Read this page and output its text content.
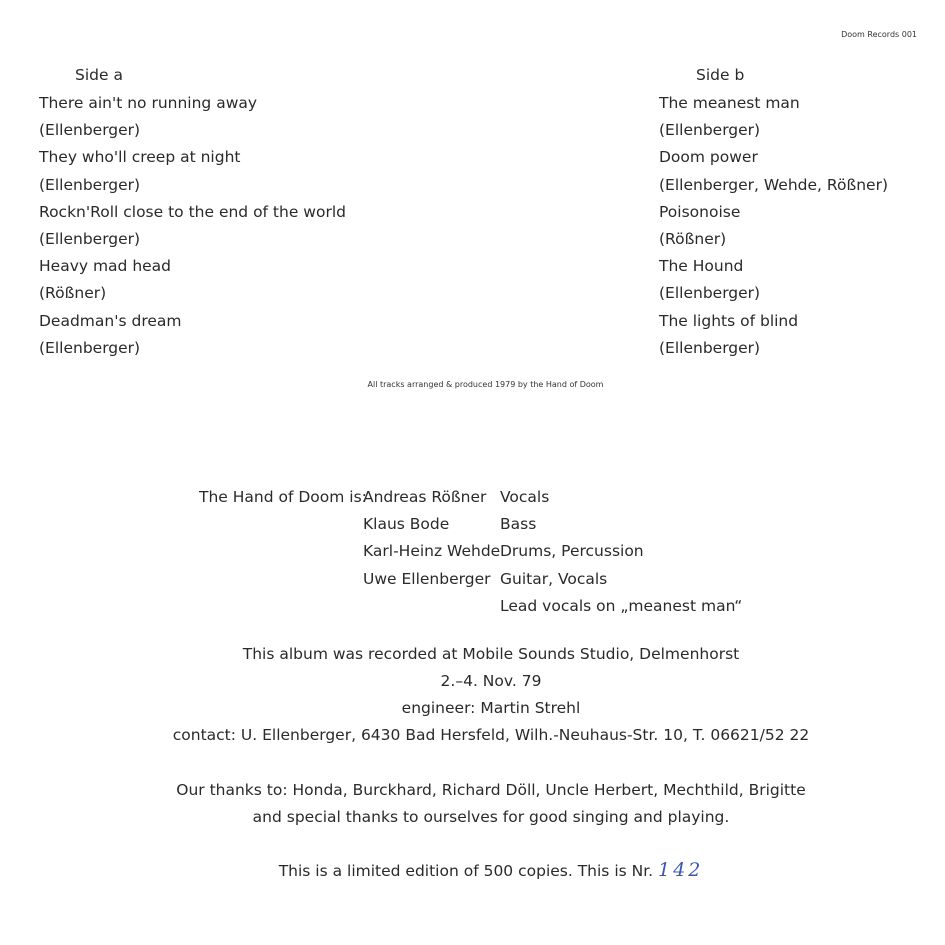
Doom Records 001
Side a
There ain't no running away
(Ellenberger)
They who'll creep at night
(Ellenberger)
Rockn'Roll close to the end of the world
(Ellenberger)
Heavy mad head
(Rößner)
Deadman's dream
(Ellenberger)
Side b
The meanest man
(Ellenberger)
Doom power
(Ellenberger, Wehde, Rößner)
Poisonoise
(Rößner)
The Hound
(Ellenberger)
The lights of blind
(Ellenberger)
All tracks arranged & produced 1979 by the Hand of Doom
The Hand of Doom is:
Andreas Rößner
Klaus Bode
Karl-Heinz Wehde
Uwe Ellenberger
Vocals
Bass
Drums, Percussion
Guitar, Vocals
Lead vocals on „meanest man“
This album was recorded at Mobile Sounds Studio, Delmenhorst
2.–4. Nov. 79
engineer: Martin Strehl
contact: U. Ellenberger, 6430 Bad Hersfeld, Wilh.-Neuhaus-Str. 10, T. 06621/52 22
Our thanks to: Honda, Burckhard, Richard Döll, Uncle Herbert, Mechthild, Brigitte
and special thanks to ourselves for good singing and playing.
This is a limited edition of 500 copies. This is Nr. 142
